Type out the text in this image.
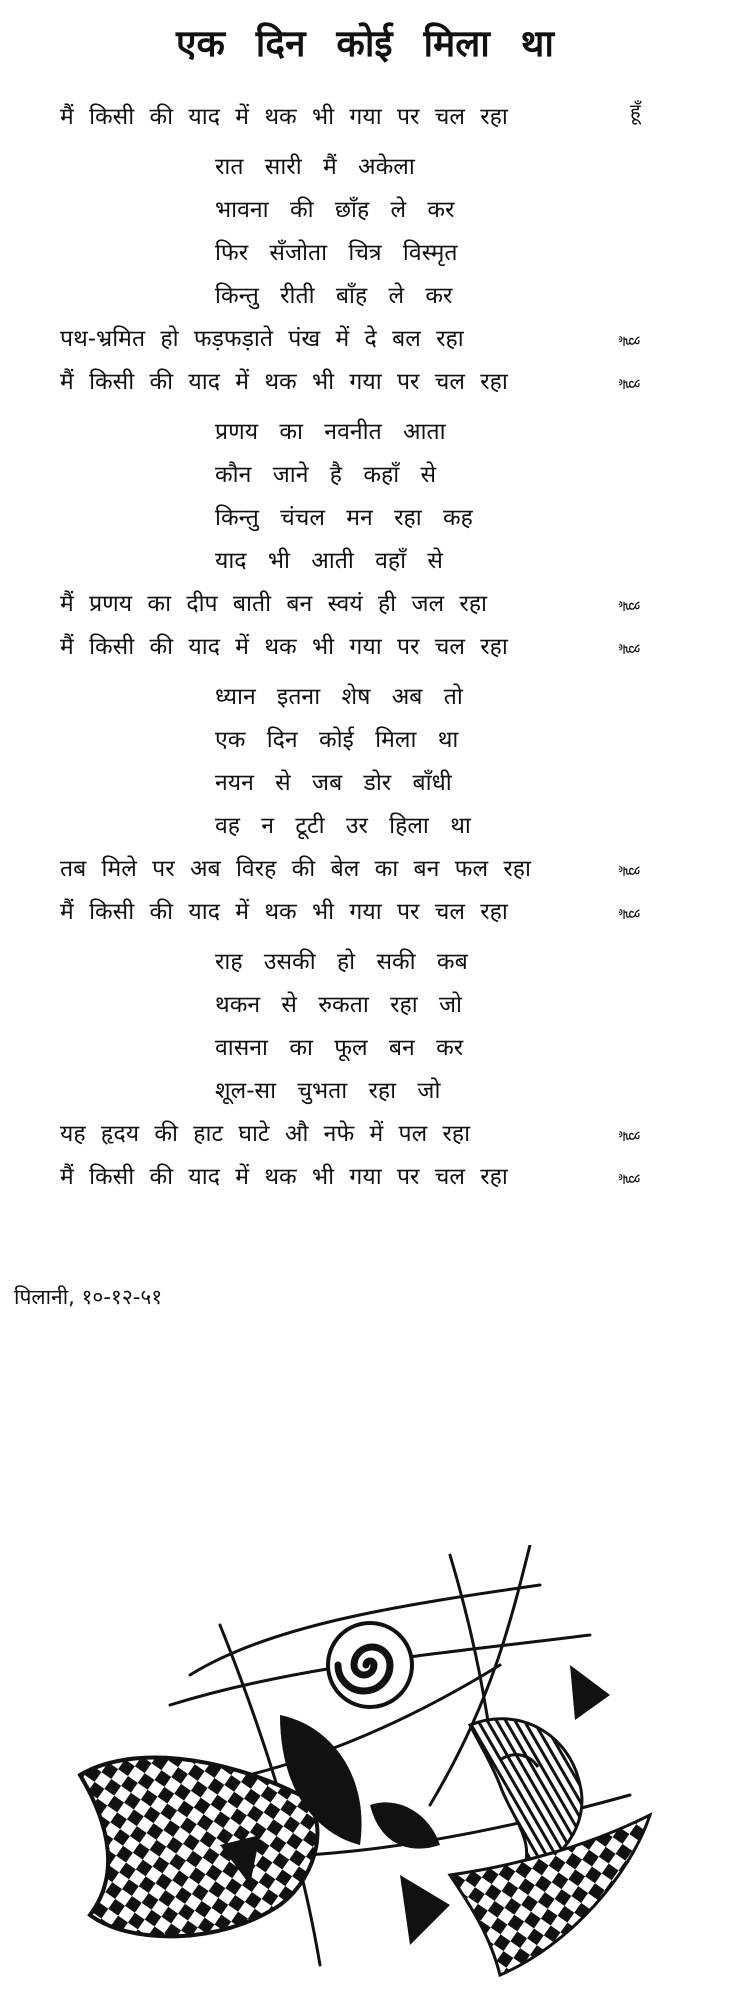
एक दिन कोई मिला था
मैं किसी की याद में थक भी गया पर चल रहा	हूँ
रात सारी मैं अकेला
भावना की छाँह ले कर
फिर सँजोता चित्र विस्मृत
किन्तु रीती बाँह ले कर
पथ-भ्रमित हो फड़फड़ाते पंख में दे बल रहा	हूँ
मैं किसी की याद में थक भी गया पर चल रहा	हूँ
प्रणय का नवनीत आता
कौन जाने है कहाँ से
किन्तु चंचल मन रहा कह
याद भी आती वहाँ से
मैं प्रणय का दीप बाती बन स्वयं ही जल रहा	हूँ
मैं किसी की याद में थक भी गया पर चल रहा	हूँ
ध्यान इतना शेष अब तो
एक दिन कोई मिला था
नयन से जब डोर बाँधी
वह न टूटी उर हिला था
तब मिले पर अब विरह की बेल का बन फल रहा	हूँ
मैं किसी की याद में थक भी गया पर चल रहा	हूँ
राह उसकी हो सकी कब
थकन से रुकता रहा जो
वासना का फूल बन कर
शूल-सा चुभता रहा जो
यह हृदय की हाट घाटे औ नफे में पल रहा	हूँ
मैं किसी की याद में थक भी गया पर चल रहा	हूँ

पिलानी, १०-१२-५१
